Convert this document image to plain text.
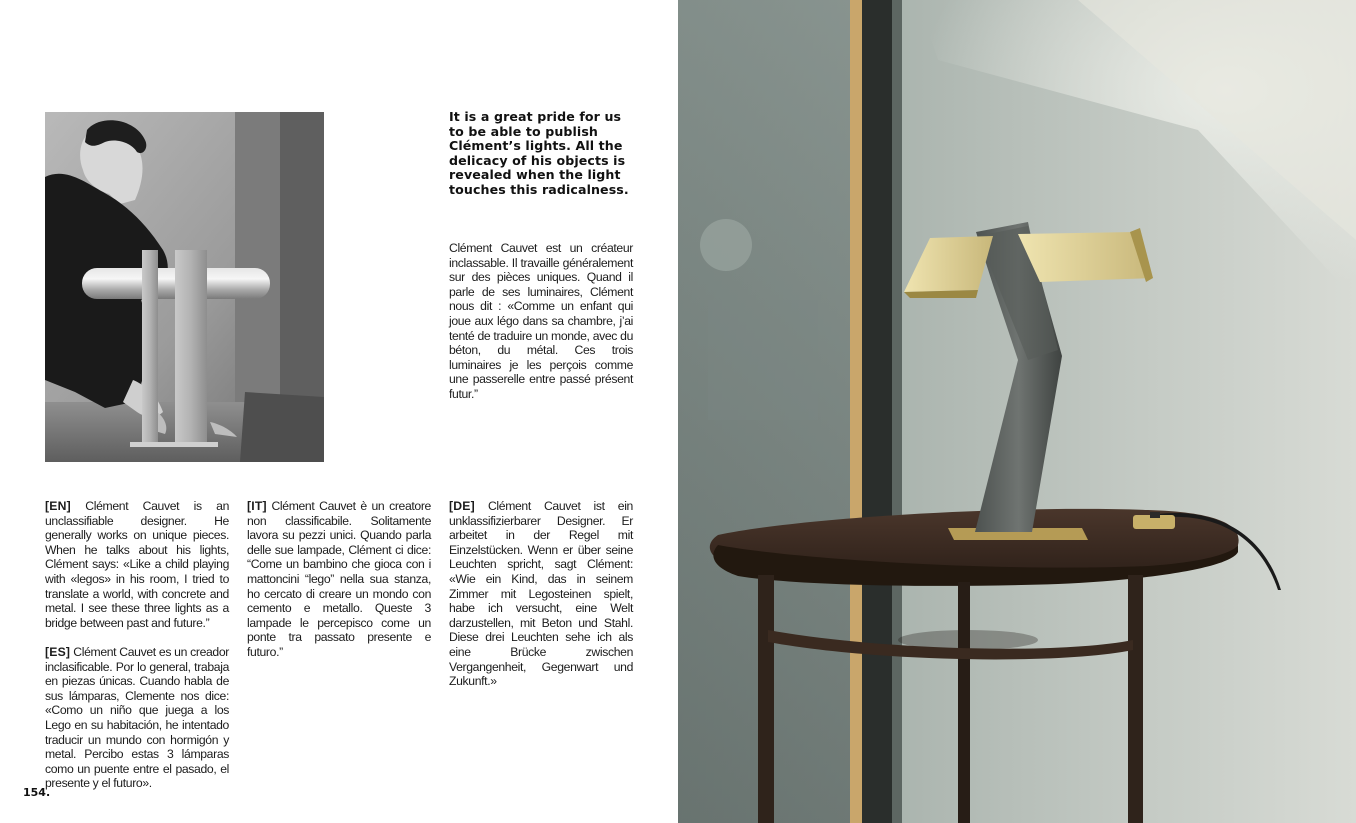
It is a great pride for us to be able to publish Clément’s lights. All the delicacy of his objects is revealed when the light touches this radicalness.

Clément Cauvet est un créateur inclassable. Il travaille généralement sur des pièces uniques. Quand il parle de ses luminaires, Clément nous dit : «Comme un enfant qui joue aux légo dans sa chambre, j’ai tenté de traduire un monde, avec du béton, du métal. Ces trois luminaires je les perçois comme une passerelle entre passé présent futur.”

[EN] Clément Cauvet is an unclassifiable designer. He generally works on unique pieces. When he talks about his lights, Clément says: «Like a child playing with «legos» in his room, I tried to translate a world, with concrete and metal. I see these three lights as a bridge between past and future.”

[ES] Clément Cauvet es un creador inclasificable. Por lo general, trabaja en piezas únicas. Cuando habla de sus lámparas, Clemente nos dice: «Como un niño que juega a los Lego en su habitación, he intentado traducir un mundo con hormigón y metal. Percibo estas 3 lámparas como un puente entre el pasado, el presente y el futuro».

[IT] Clément Cauvet è un creatore non classificabile. Solitamente lavora su pezzi unici. Quando parla delle sue lampade, Clément ci dice: “Come un bambino che gioca con i mattoncini “lego” nella sua stanza, ho cercato di creare un mondo con cemento e metallo. Queste 3 lampade le percepisco come un ponte tra passato presente e futuro.”

[DE] Clément Cauvet ist ein unklassifizierbarer Designer. Er arbeitet in der Regel mit Einzelstücken. Wenn er über seine Leuchten spricht, sagt Clément: «Wie ein Kind, das in seinem Zimmer mit Legosteinen spielt, habe ich versucht, eine Welt darzustellen, mit Beton und Stahl. Diese drei Leuchten sehe ich als eine Brücke zwischen Vergangenheit, Gegenwart und Zukunft.»

154.
